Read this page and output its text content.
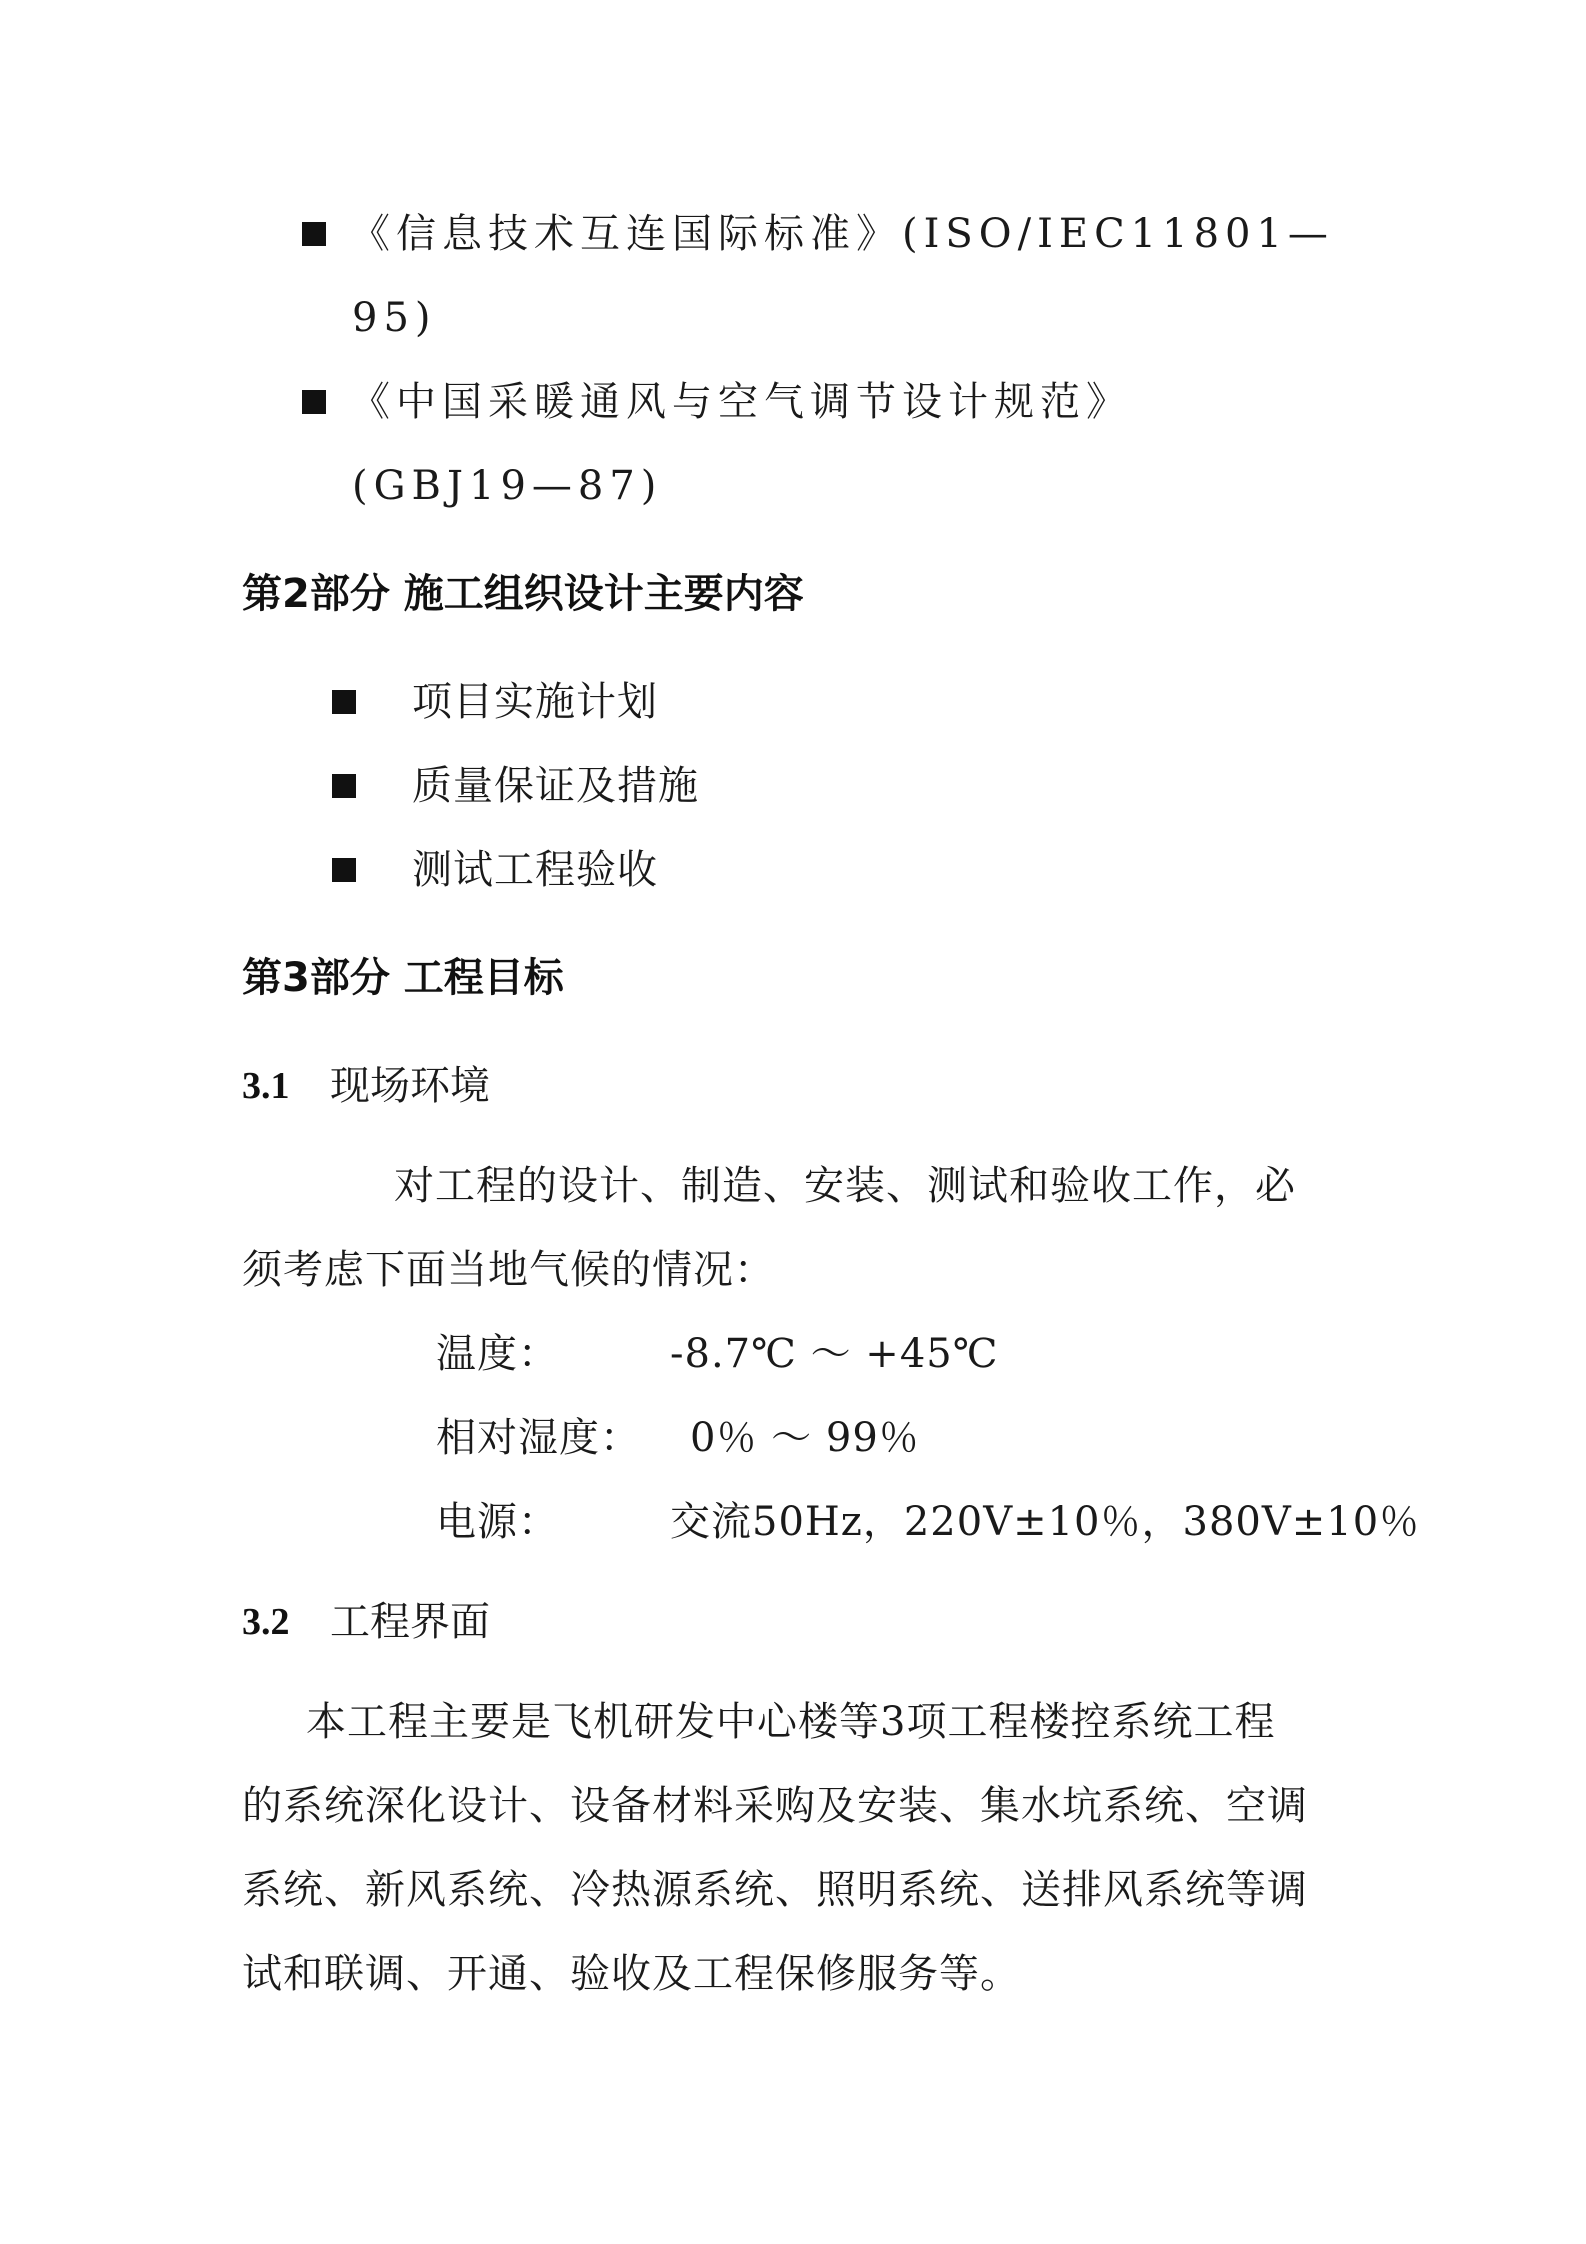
《信息技术互连国际标准》(ISO/IEC11801—
95)
《中国采暖通风与空气调节设计规范》
(GBJ19—87)
第2部分 施工组织设计主要内容
项目实施计划
质量保证及措施
测试工程验收
第3部分 工程目标
3.1 现场环境
对工程的设计、制造、安装、测试和验收工作，必
须考虑下面当地气候的情况：
温度：	-8.7℃ ～ +45℃
相对湿度： 0％ ～ 99％
电源：	交流50Hz，220V±10％，380V±10％
3.2 工程界面
本工程主要是飞机研发中心楼等3项工程楼控系统工程
的系统深化设计、设备材料采购及安装、集水坑系统、空调
系统、新风系统、冷热源系统、照明系统、送排风系统等调
试和联调、开通、验收及工程保修服务等。
